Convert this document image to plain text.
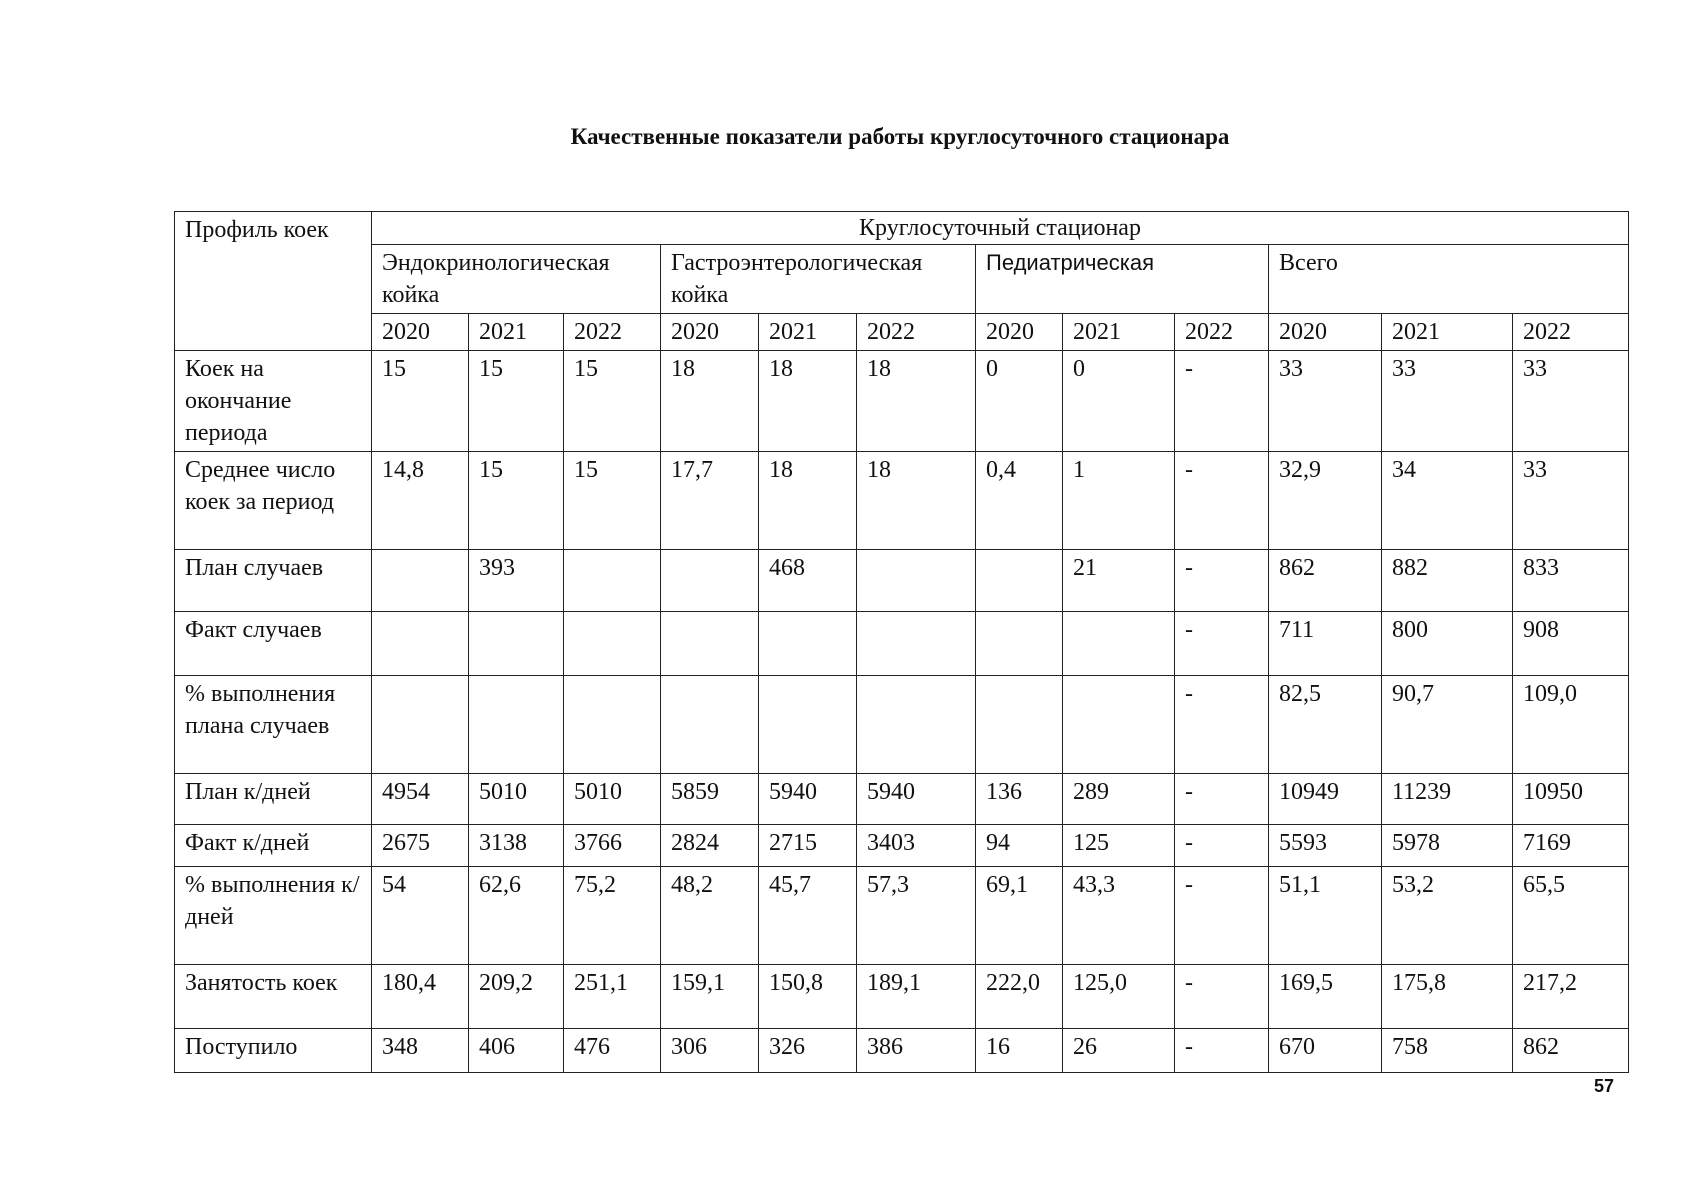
Качественные показатели работы круглосуточного стационара
Профиль коек	Круглосуточный стационар											
	Эндокринологическая койка			Гастроэнтерологическая койка			Педиатрическая			Всего		
	2020	2021	2022	2020	2021	2022	2020	2021	2022	2020	2021	2022
Коек на окончание периода	15	15	15	18	18	18	0	0	-	33	33	33
Среднее число коек за период	14,8	15	15	17,7	18	18	0,4	1	-	32,9	34	33
План случаев		393			468			21	-	862	882	833
Факт случаев									-	711	800	908
% выполнения плана случаев									-	82,5	90,7	109,0
План к/дней	4954	5010	5010	5859	5940	5940	136	289	-	10949	11239	10950
Факт к/дней	2675	3138	3766	2824	2715	3403	94	125	-	5593	5978	7169
% выполнения к/дней	54	62,6	75,2	48,2	45,7	57,3	69,1	43,3	-	51,1	53,2	65,5
Занятость коек	180,4	209,2	251,1	159,1	150,8	189,1	222,0	125,0	-	169,5	175,8	217,2
Поступило	348	406	476	306	326	386	16	26	-	670	758	862
57
